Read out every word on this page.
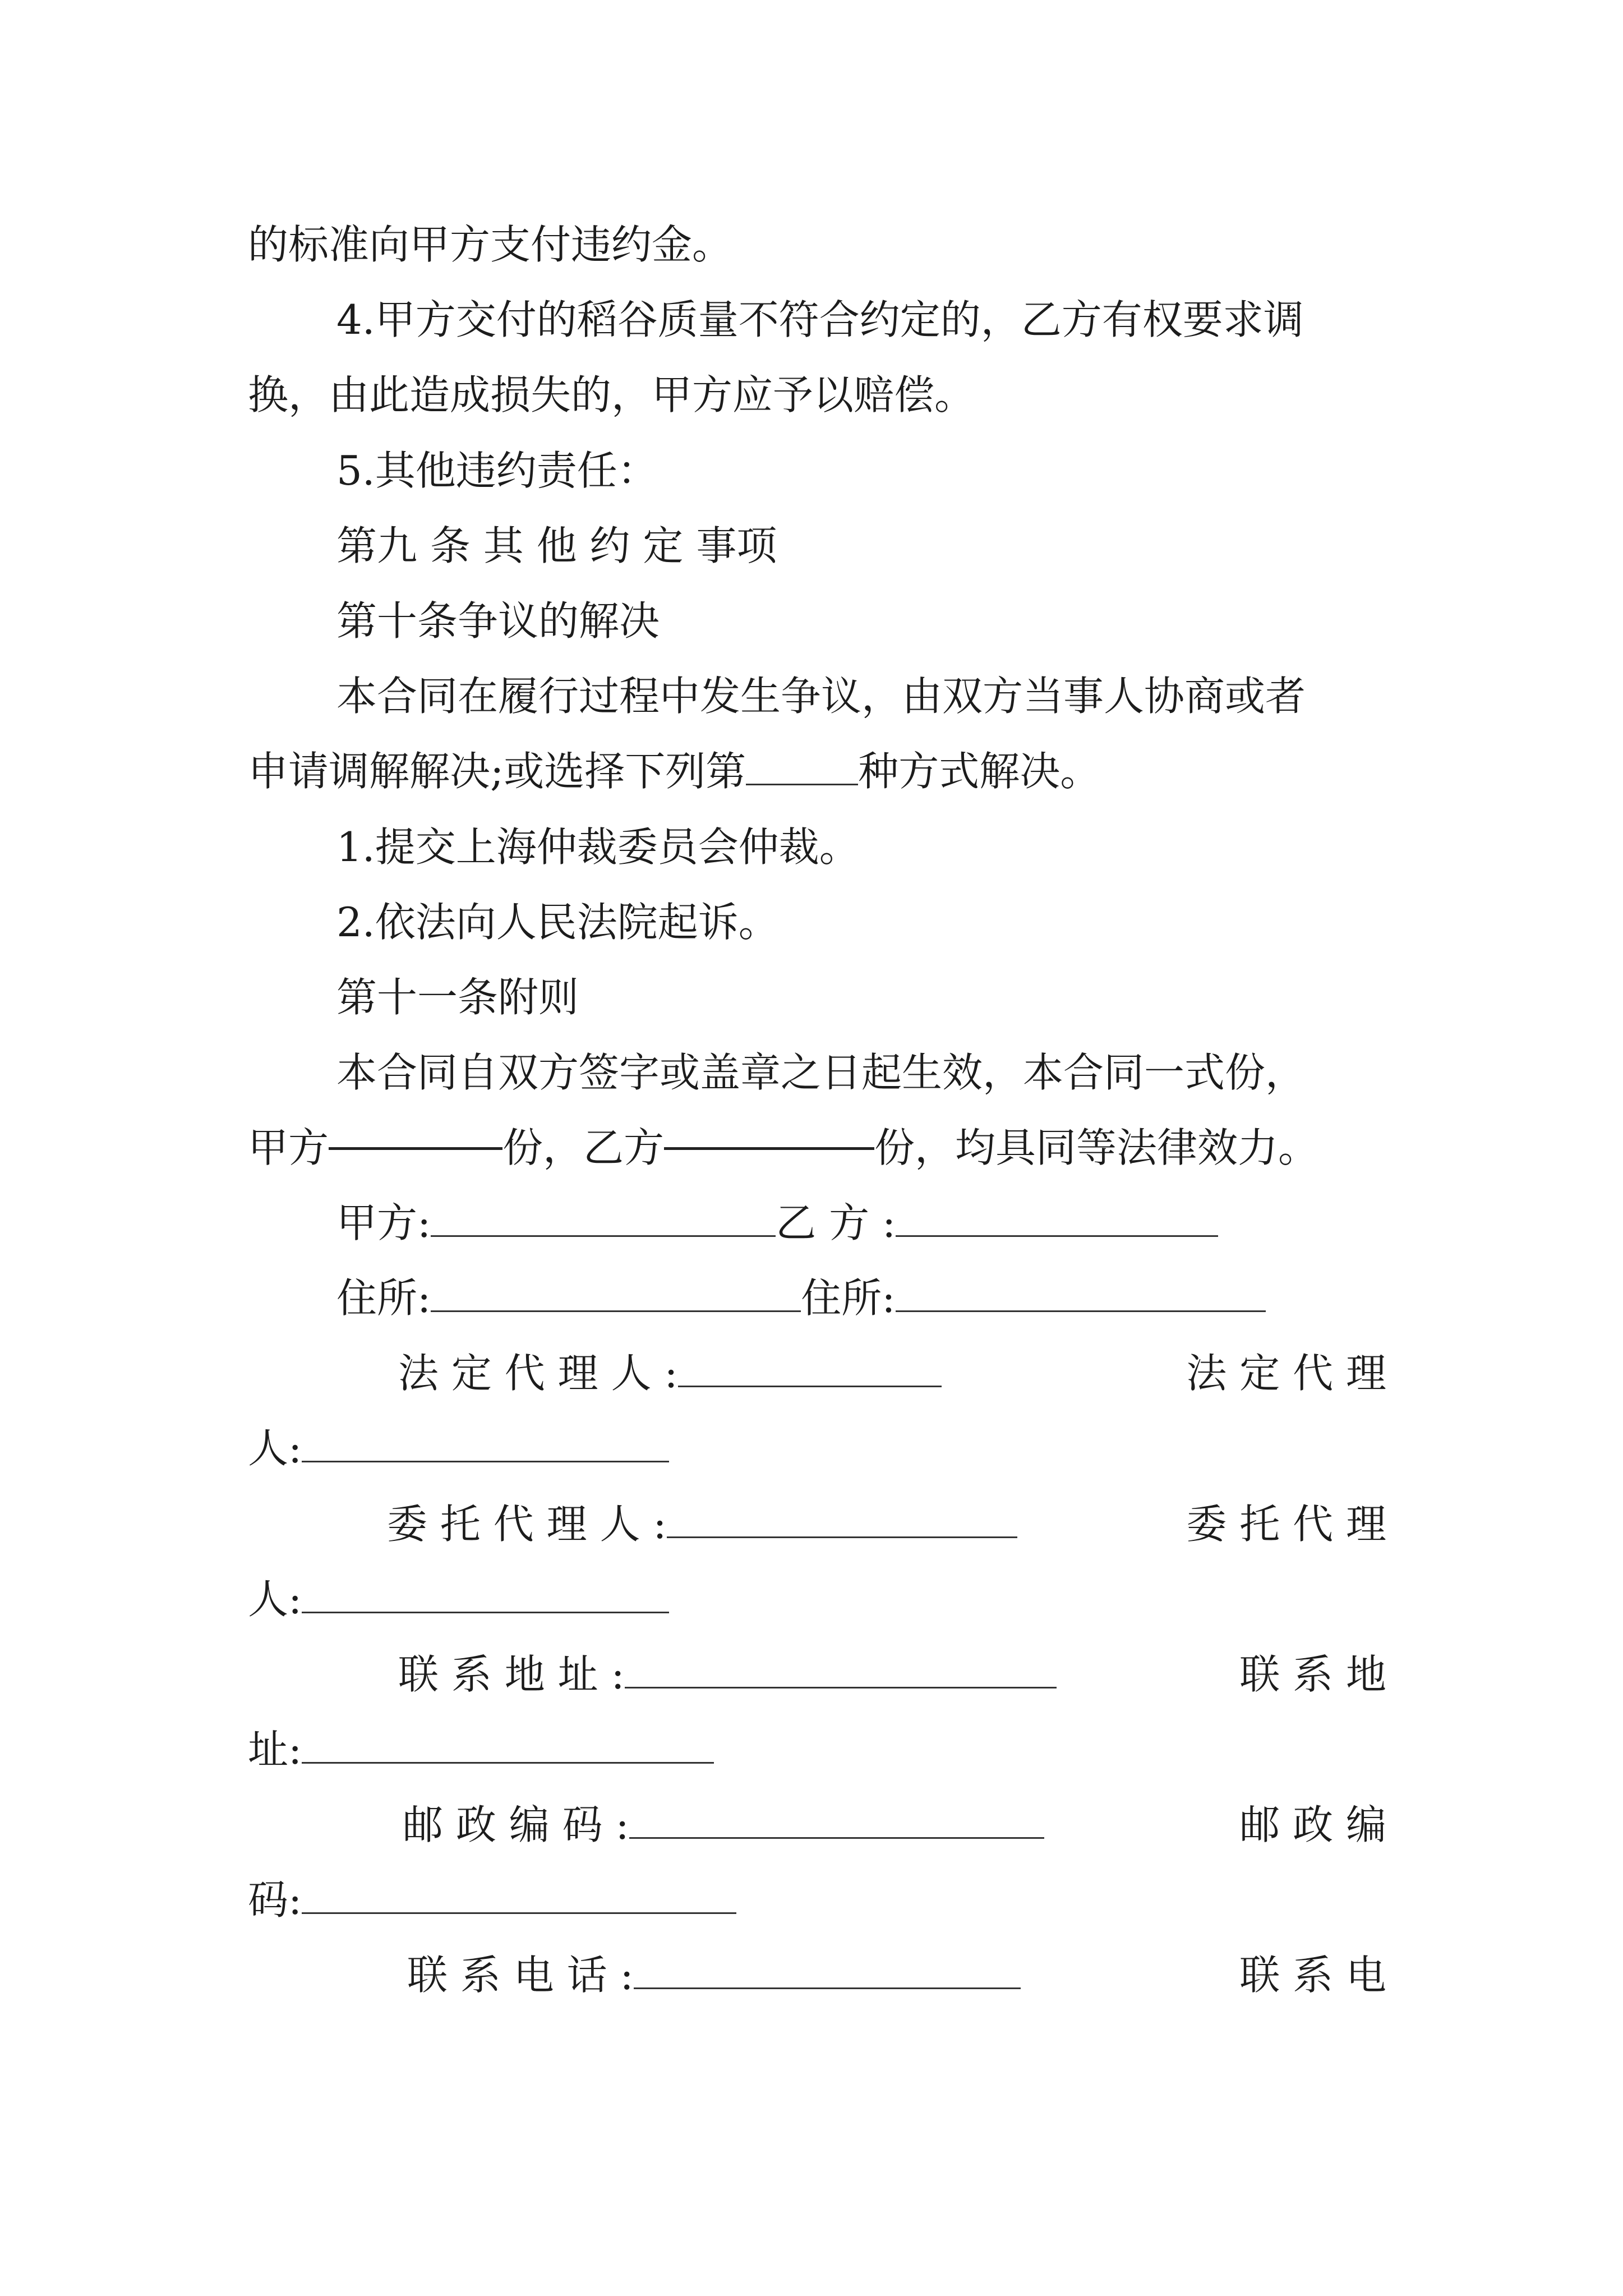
的标准向甲方支付违约金。
4.甲方交付的稻谷质量不符合约定的，乙方有权要求调
换，由此造成损失的，甲方应予以赔偿。
5.其他违约责任：
第九 条 其 他 约 定 事项
第十条争议的解决
本合同在履行过程中发生争议，由双方当事人协商或者
申请调解解决;或选择下列第	种方式解决。
1.提交上海仲裁委员会仲裁。
2.依法向人民法院起诉。
第十一条附则
本合同自双方签字或盖章之日起生效，本合同一式份，
甲方	份，乙方	份，均具同等法律效力。
甲方:	乙 方 :
住所:	住所:
法 定 代 理 人 :	法 定 代 理
人:
委 托 代 理 人 :	委 托 代 理
人:
联 系 地 址 :	联 系 地
址:
邮 政 编 码 :	邮 政 编
码:
联 系 电 话 :	联 系 电
